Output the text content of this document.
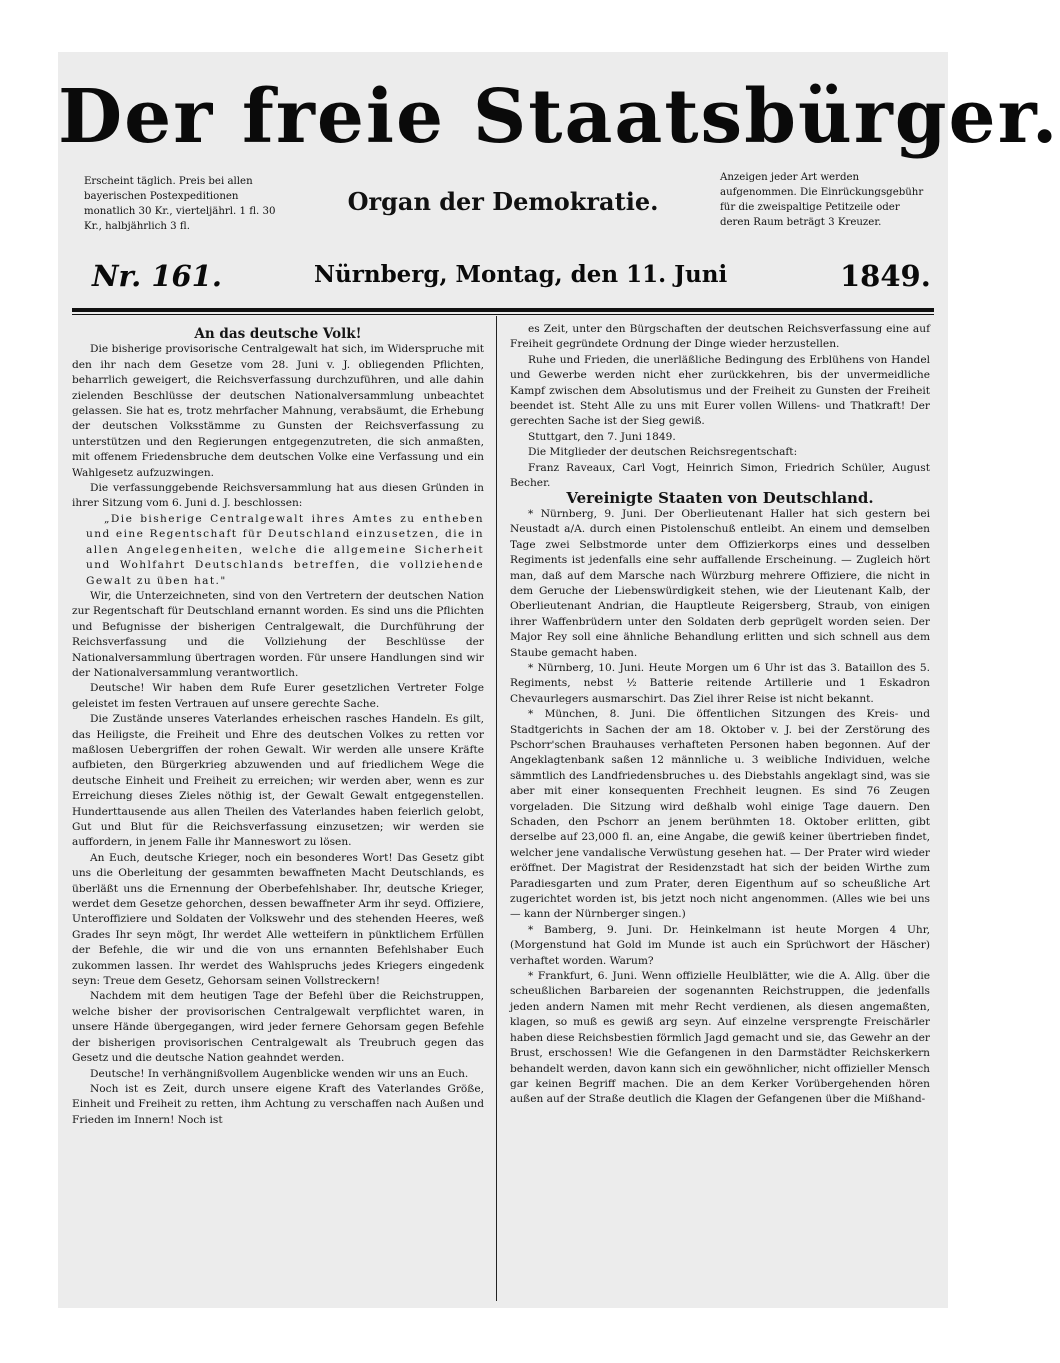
Der freie Staatsbürger.
Erscheint täglich. Preis bei allen bayerischen Postexpeditionen monatlich 30 Kr., vierteljährl. 1 fl. 30 Kr., halbjährlich 3 fl.
Organ der Demokratie.
Anzeigen jeder Art werden aufgenommen. Die Einrückungsgebühr für die zweispaltige Petitzeile oder deren Raum beträgt 3 Kreuzer.
Nr. 161.	Nürnberg, Montag, den 11. Juni	1849.

An das deutsche Volk!

Die bisherige provisorische Centralgewalt hat sich, im Widerspruche mit den ihr nach dem Gesetze vom 28. Juni v. J. obliegenden Pflichten, beharrlich geweigert, die Reichsverfassung durchzuführen, und alle dahin zielenden Beschlüsse der deutschen Nationalversammlung unbeachtet gelassen. Sie hat es, trotz mehrfacher Mahnung, verabsäumt, die Erhebung der deutschen Volksstämme zu Gunsten der Reichsverfassung zu unterstützen und den Regierungen entgegenzutreten, die sich anmaßten, mit offenem Friedensbruche dem deutschen Volke eine Verfassung und ein Wahlgesetz aufzuzwingen.

Die verfassunggebende Reichsversammlung hat aus diesen Gründen in ihrer Sitzung vom 6. Juni d. J. beschlossen:

„Die bisherige Centralgewalt ihres Amtes zu entheben und eine Regentschaft für Deutschland einzusetzen, die in allen Angelegenheiten, welche die allgemeine Sicherheit und Wohlfahrt Deutschlands betreffen, die vollziehende Gewalt zu üben hat."

Wir, die Unterzeichneten, sind von den Vertretern der deutschen Nation zur Regentschaft für Deutschland ernannt worden. Es sind uns die Pflichten und Befugnisse der bisherigen Centralgewalt, die Durchführung der Reichsverfassung und die Vollziehung der Beschlüsse der Nationalversammlung übertragen worden. Für unsere Handlungen sind wir der Nationalversammlung verantwortlich.

Deutsche! Wir haben dem Rufe Eurer gesetzlichen Vertreter Folge geleistet im festen Vertrauen auf unsere gerechte Sache.

Die Zustände unseres Vaterlandes erheischen rasches Handeln. Es gilt, das Heiligste, die Freiheit und Ehre des deutschen Volkes zu retten vor maßlosen Uebergriffen der rohen Gewalt. Wir werden alle unsere Kräfte aufbieten, den Bürgerkrieg abzuwenden und auf friedlichem Wege die deutsche Einheit und Freiheit zu erreichen; wir werden aber, wenn es zur Erreichung dieses Zieles nöthig ist, der Gewalt Gewalt entgegenstellen. Hunderttausende aus allen Theilen des Vaterlandes haben feierlich gelobt, Gut und Blut für die Reichsverfassung einzusetzen; wir werden sie auffordern, in jenem Falle ihr Manneswort zu lösen.

An Euch, deutsche Krieger, noch ein besonderes Wort! Das Gesetz gibt uns die Oberleitung der gesammten bewaffneten Macht Deutschlands, es überläßt uns die Ernennung der Oberbefehlshaber. Ihr, deutsche Krieger, werdet dem Gesetze gehorchen, dessen bewaffneter Arm ihr seyd. Offiziere, Unteroffiziere und Soldaten der Volkswehr und des stehenden Heeres, weß Grades Ihr seyn mögt, Ihr werdet Alle wetteifern in pünktlichem Erfüllen der Befehle, die wir und die von uns ernannten Befehlshaber Euch zukommen lassen. Ihr werdet des Wahlspruchs jedes Kriegers eingedenk seyn: Treue dem Gesetz, Gehorsam seinen Vollstreckern!

Nachdem mit dem heutigen Tage der Befehl über die Reichstruppen, welche bisher der provisorischen Centralgewalt verpflichtet waren, in unsere Hände übergegangen, wird jeder fernere Gehorsam gegen Befehle der bisherigen provisorischen Centralgewalt als Treubruch gegen das Gesetz und die deutsche Nation geahndet werden.

Deutsche! In verhängnißvollem Augenblicke wenden wir uns an Euch.

Noch ist es Zeit, durch unsere eigene Kraft des Vaterlandes Größe, Einheit und Freiheit zu retten, ihm Achtung zu verschaffen nach Außen und Frieden im Innern! Noch ist

es Zeit, unter den Bürgschaften der deutschen Reichsverfassung eine auf Freiheit gegründete Ordnung der Dinge wieder herzustellen.

Ruhe und Frieden, die unerläßliche Bedingung des Erblühens von Handel und Gewerbe werden nicht eher zurückkehren, bis der unvermeidliche Kampf zwischen dem Absolutismus und der Freiheit zu Gunsten der Freiheit beendet ist. Steht Alle zu uns mit Eurer vollen Willens- und Thatkraft! Der gerechten Sache ist der Sieg gewiß.

Stuttgart, den 7. Juni 1849.

Die Mitglieder der deutschen Reichsregentschaft:

Franz Raveaux, Carl Vogt, Heinrich Simon, Friedrich Schüler, August Becher.

Vereinigte Staaten von Deutschland.

* Nürnberg, 9. Juni. Der Oberlieutenant Haller hat sich gestern bei Neustadt a/A. durch einen Pistolenschuß entleibt. An einem und demselben Tage zwei Selbstmorde unter dem Offizierkorps eines und desselben Regiments ist jedenfalls eine sehr auffallende Erscheinung. — Zugleich hört man, daß auf dem Marsche nach Würzburg mehrere Offiziere, die nicht in dem Geruche der Liebenswürdigkeit stehen, wie der Lieutenant Kalb, der Oberlieutenant Andrian, die Hauptleute Reigersberg, Straub, von einigen ihrer Waffenbrüdern unter den Soldaten derb geprügelt worden seien. Der Major Rey soll eine ähnliche Behandlung erlitten und sich schnell aus dem Staube gemacht haben.

* Nürnberg, 10. Juni. Heute Morgen um 6 Uhr ist das 3. Bataillon des 5. Regiments, nebst ½ Batterie reitende Artillerie und 1 Eskadron Chevaurlegers ausmarschirt. Das Ziel ihrer Reise ist nicht bekannt.

* München, 8. Juni. Die öffentlichen Sitzungen des Kreis- und Stadtgerichts in Sachen der am 18. Oktober v. J. bei der Zerstörung des Pschorr'schen Brauhauses verhafteten Personen haben begonnen. Auf der Angeklagtenbank saßen 12 männliche u. 3 weibliche Individuen, welche sämmtlich des Landfriedensbruches u. des Diebstahls angeklagt sind, was sie aber mit einer konsequenten Frechheit leugnen. Es sind 76 Zeugen vorgeladen. Die Sitzung wird deßhalb wohl einige Tage dauern. Den Schaden, den Pschorr an jenem berühmten 18. Oktober erlitten, gibt derselbe auf 23,000 fl. an, eine Angabe, die gewiß keiner übertrieben findet, welcher jene vandalische Verwüstung gesehen hat. — Der Prater wird wieder eröffnet. Der Magistrat der Residenzstadt hat sich der beiden Wirthe zum Paradiesgarten und zum Prater, deren Eigenthum auf so scheußliche Art zugerichtet worden ist, bis jetzt noch nicht angenommen. (Alles wie bei uns — kann der Nürnberger singen.)

* Bamberg, 9. Juni. Dr. Heinkelmann ist heute Morgen 4 Uhr, (Morgenstund hat Gold im Munde ist auch ein Sprüchwort der Häscher) verhaftet worden. Warum?

* Frankfurt, 6. Juni. Wenn offizielle Heulblätter, wie die A. Allg. über die scheußlichen Barbareien der sogenannten Reichstruppen, die jedenfalls jeden andern Namen mit mehr Recht verdienen, als diesen angemaßten, klagen, so muß es gewiß arg seyn. Auf einzelne versprengte Freischärler haben diese Reichsbestien förmlich Jagd gemacht und sie, das Gewehr an der Brust, erschossen! Wie die Gefangenen in den Darmstädter Reichskerkern behandelt werden, davon kann sich ein gewöhnlicher, nicht offizieller Mensch gar keinen Begriff machen. Die an dem Kerker Vorübergehenden hören außen auf der Straße deutlich die Klagen der Gefangenen über die Mißhand-
